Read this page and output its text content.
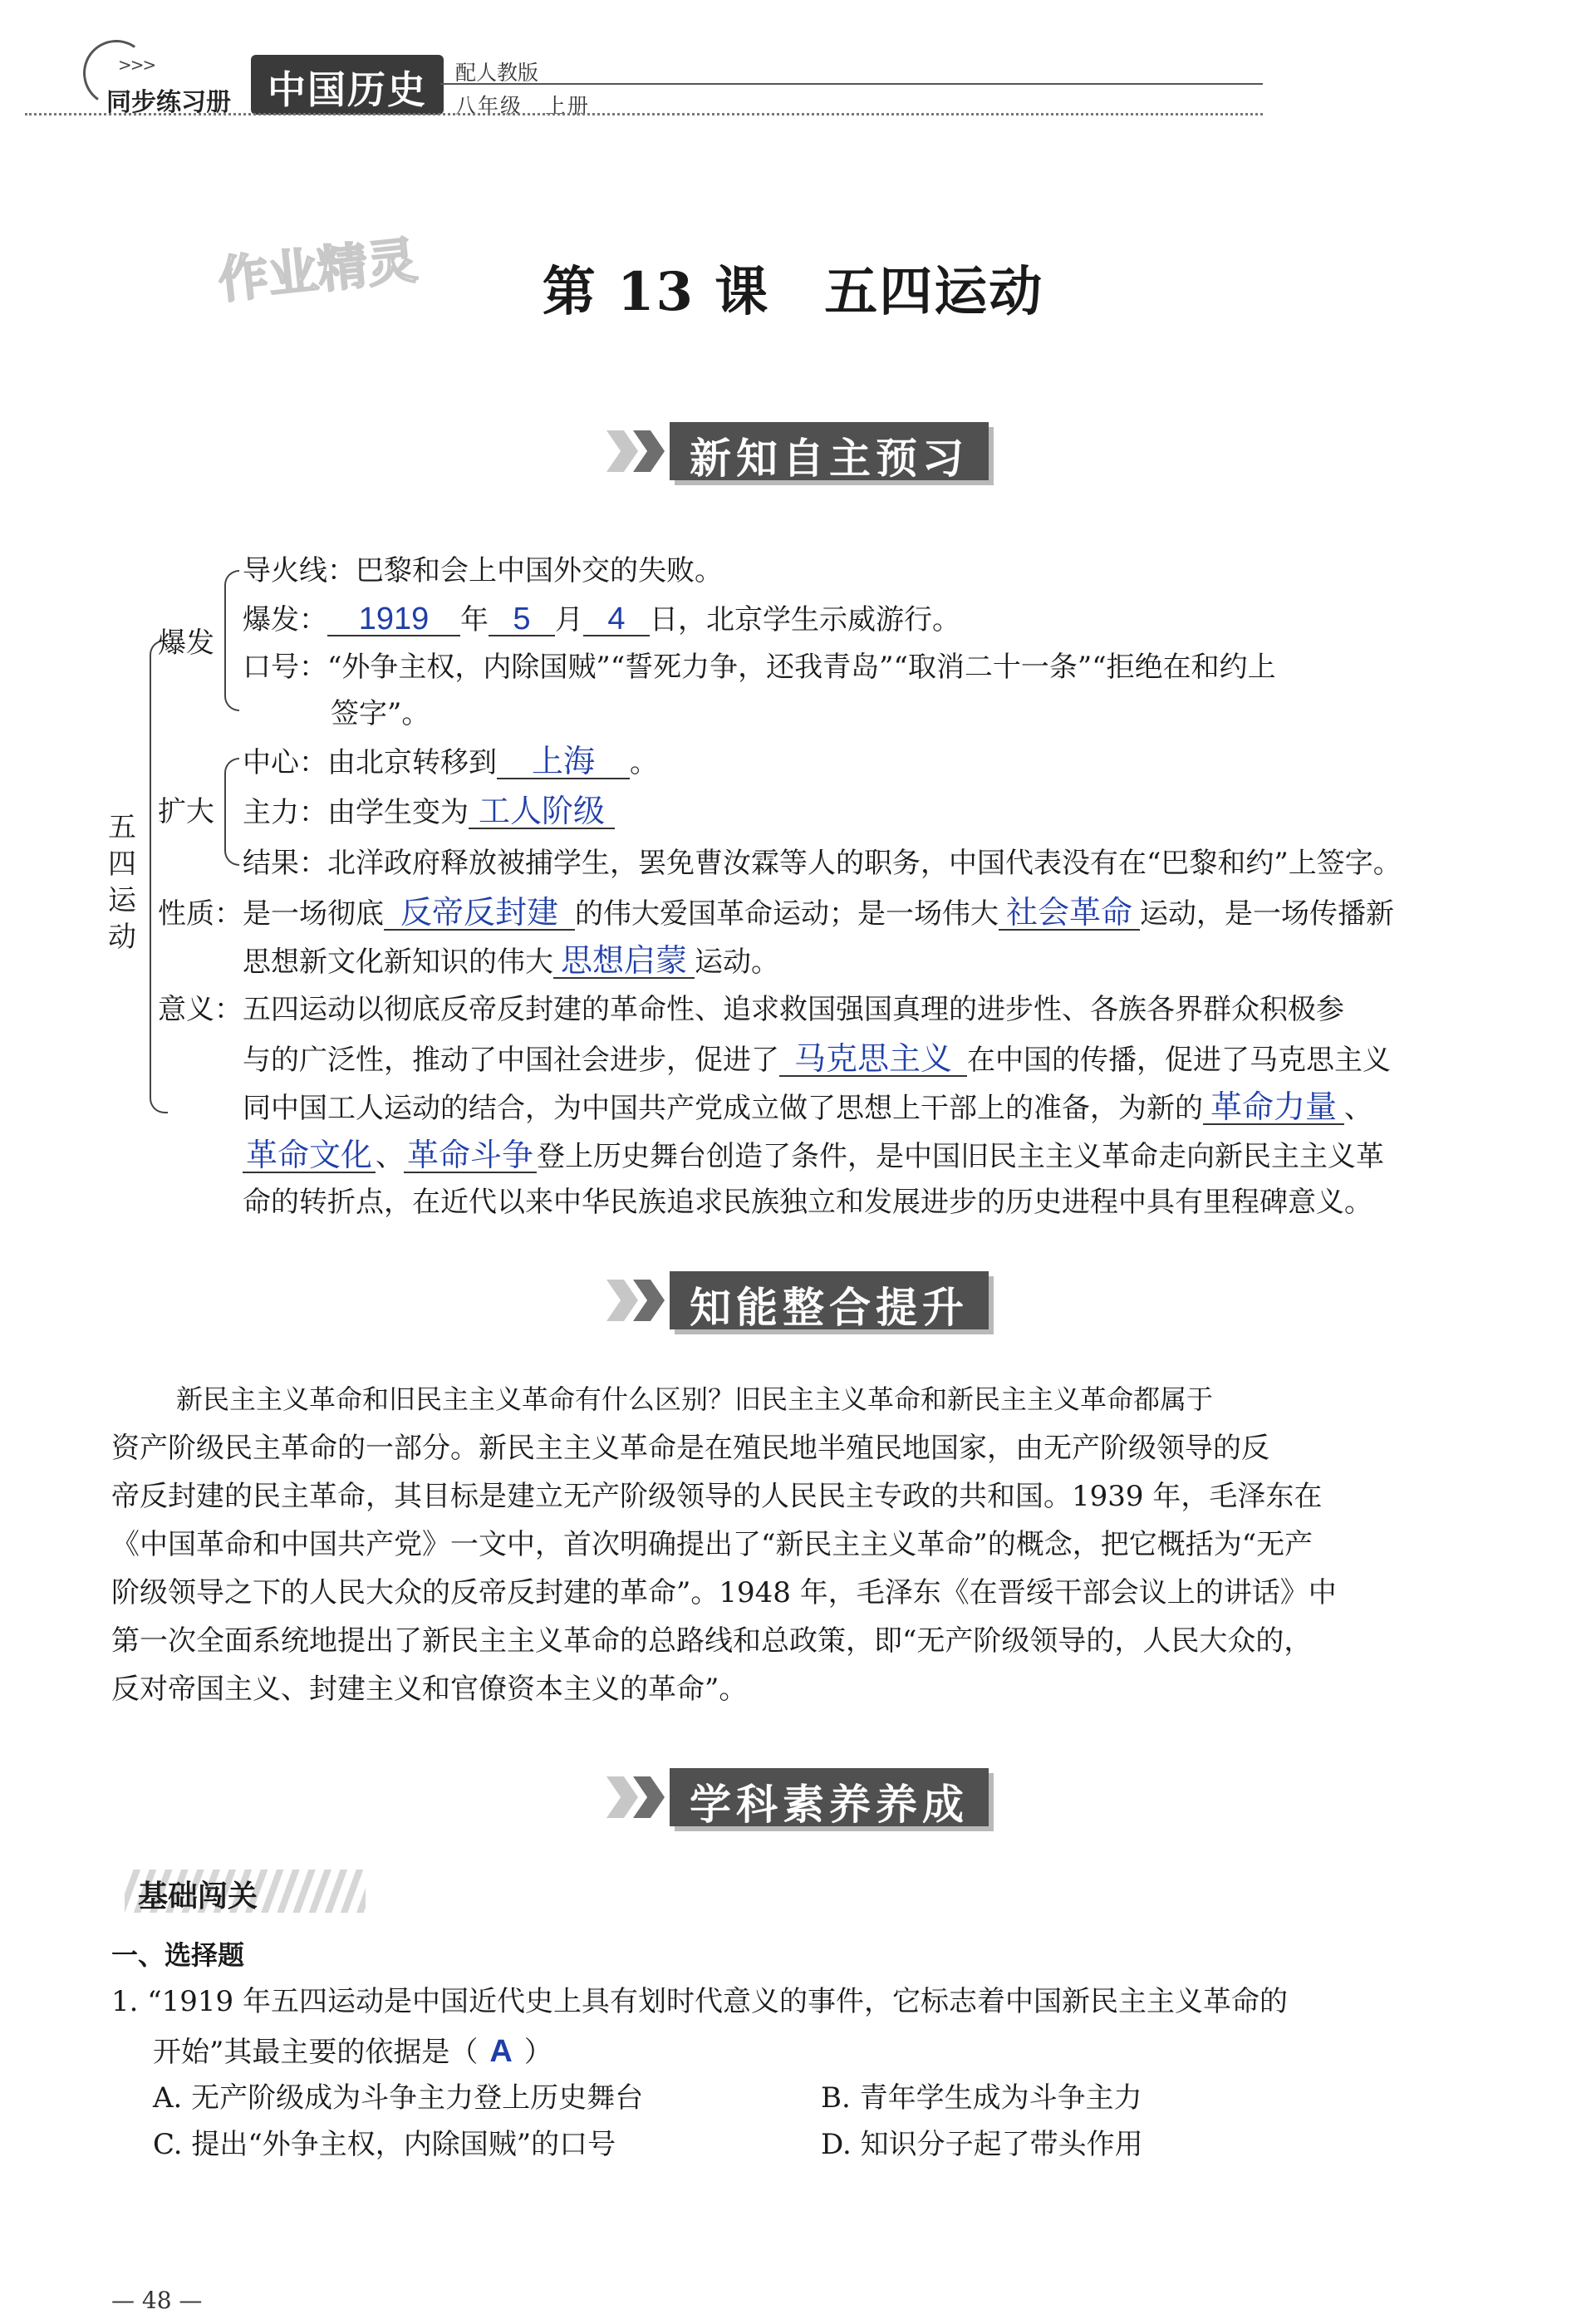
>>>
同步练习册 中国历史	配人教版
八年级　上册
作业精灵	第 13 课　五四运动
新知自主预习
五
四
运
动
爆发
导火线：巴黎和会上中国外交的失败。
爆发： 1919 年 5 月 4 日，北京学生示威游行。
口号：“外争主权，内除国贼”“誓死力争，还我青岛”“取消二十一条”“拒绝在和约上
签字”。
扩大
中心：由北京转移到 上海 。
主力：由学生变为 工人阶级
结果：北洋政府释放被捕学生，罢免曹汝霖等人的职务，中国代表没有在“巴黎和约”上签字。
性质：是一场彻底 反帝反封建 的伟大爱国革命运动；是一场伟大 社会革命 运动，是一场传播新
思想新文化新知识的伟大 思想启蒙 运动。
意义：五四运动以彻底反帝反封建的革命性、追求救国强国真理的进步性、各族各界群众积极参
与的广泛性，推动了中国社会进步，促进了 马克思主义 在中国的传播，促进了马克思主义
同中国工人运动的结合，为中国共产党成立做了思想上干部上的准备，为新的 革命力量 、
革命文化 、 革命斗争 登上历史舞台创造了条件，是中国旧民主主义革命走向新民主主义革
命的转折点，在近代以来中华民族追求民族独立和发展进步的历史进程中具有里程碑意义。
知能整合提升
新民主主义革命和旧民主主义革命有什么区别？旧民主主义革命和新民主主义革命都属于
资产阶级民主革命的一部分。新民主主义革命是在殖民地半殖民地国家，由无产阶级领导的反
帝反封建的民主革命，其目标是建立无产阶级领导的人民民主专政的共和国。1939 年，毛泽东在
《中国革命和中国共产党》一文中，首次明确提出了“新民主主义革命”的概念，把它概括为“无产
阶级领导之下的人民大众的反帝反封建的革命”。1948 年，毛泽东《在晋绥干部会议上的讲话》中
第一次全面系统地提出了新民主主义革命的总路线和总政策，即“无产阶级领导的，人民大众的，
反对帝国主义、封建主义和官僚资本主义的革命”。
学科素养养成
基础闯关
一、选择题
1. “1919 年五四运动是中国近代史上具有划时代意义的事件，它标志着中国新民主主义革命的
开始”其最主要的依据是（ A ）
A. 无产阶级成为斗争主力登上历史舞台	B. 青年学生成为斗争主力
C. 提出“外争主权，内除国贼”的口号	D. 知识分子起了带头作用
— 48 —
